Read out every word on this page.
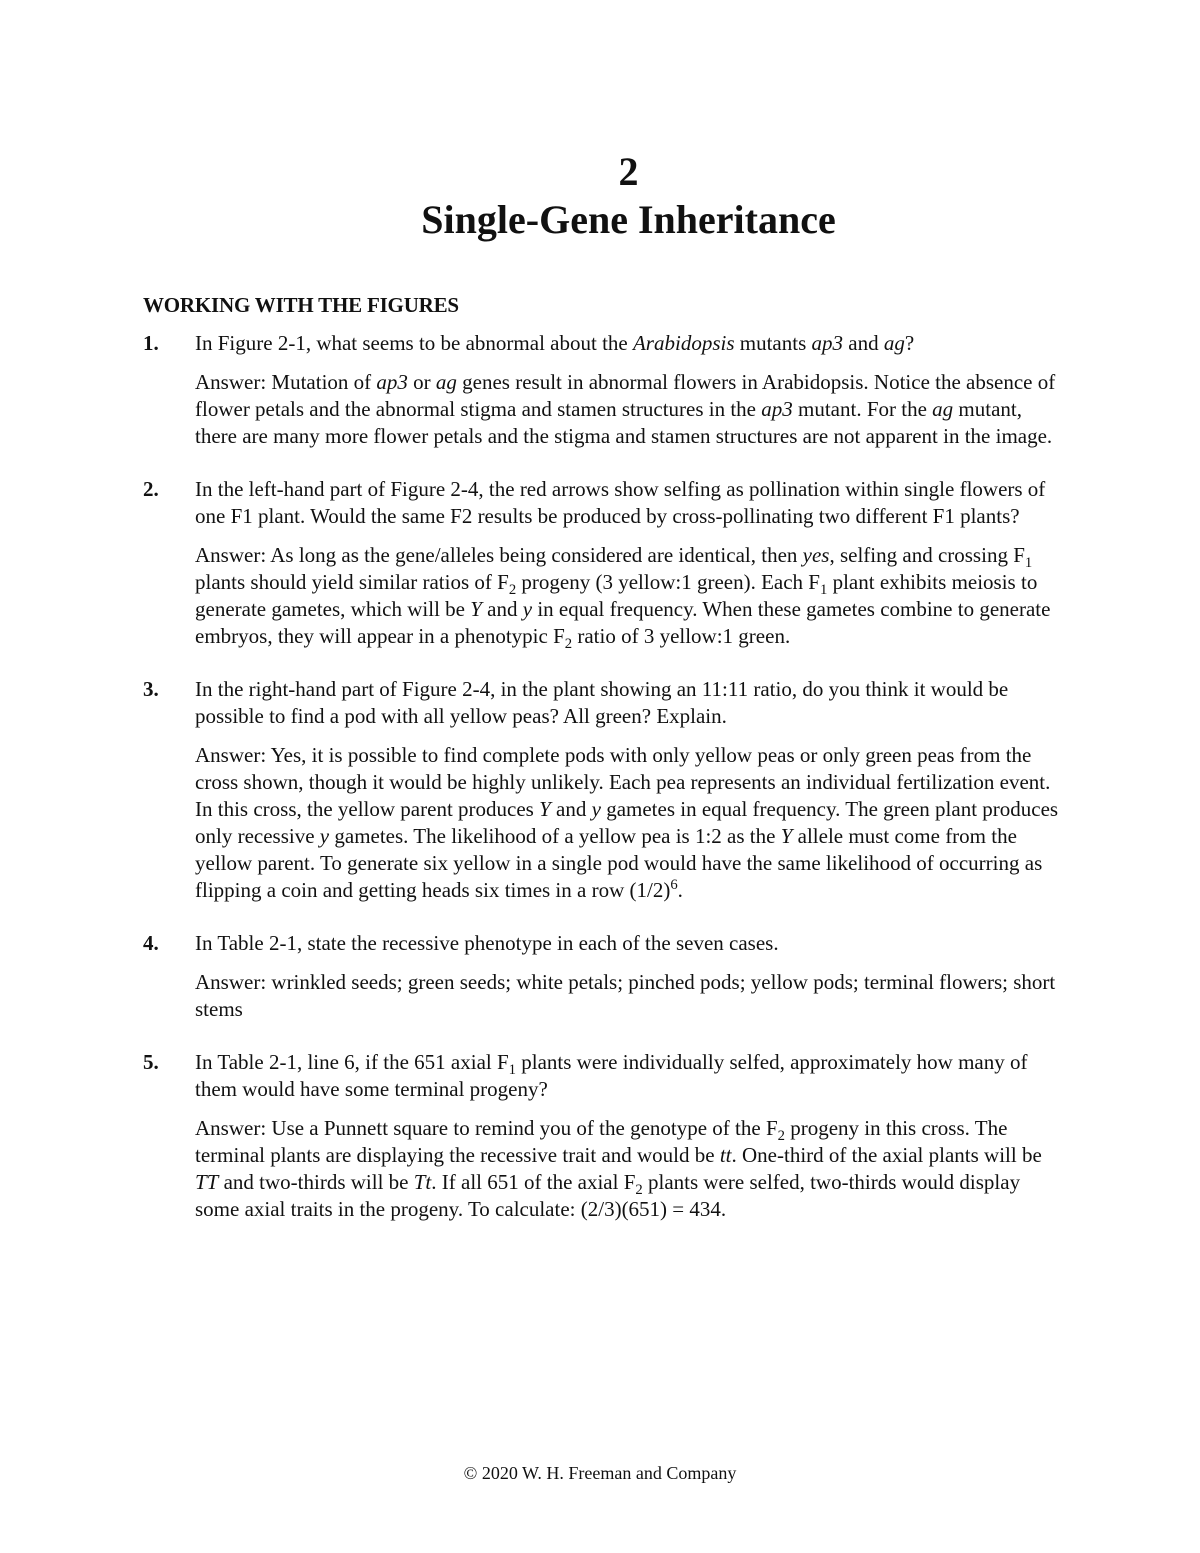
2
Single-Gene Inheritance
WORKING WITH THE FIGURES
1. In Figure 2-1, what seems to be abnormal about the Arabidopsis mutants ap3 and ag?

Answer: Mutation of ap3 or ag genes result in abnormal flowers in Arabidopsis. Notice the absence of flower petals and the abnormal stigma and stamen structures in the ap3 mutant. For the ag mutant, there are many more flower petals and the stigma and stamen structures are not apparent in the image.

2. In the left-hand part of Figure 2-4, the red arrows show selfing as pollination within single flowers of one F1 plant. Would the same F2 results be produced by cross-pollinating two different F1 plants?

Answer: As long as the gene/alleles being considered are identical, then yes, selfing and crossing $F_1$ plants should yield similar ratios of $F_2$ progeny (3 yellow:1 green). Each $F_1$ plant exhibits meiosis to generate gametes, which will be Y and y in equal frequency. When these gametes combine to generate embryos, they will appear in a phenotypic $F_2$ ratio of 3 yellow:1 green.

3. In the right-hand part of Figure 2-4, in the plant showing an 11:11 ratio, do you think it would be possible to find a pod with all yellow peas? All green? Explain.

Answer: Yes, it is possible to find complete pods with only yellow peas or only green peas from the cross shown, though it would be highly unlikely. Each pea represents an individual fertilization event. In this cross, the yellow parent produces Y and y gametes in equal frequency. The green plant produces only recessive y gametes. The likelihood of a yellow pea is 1:2 as the Y allele must come from the yellow parent. To generate six yellow in a single pod would have the same likelihood of occurring as flipping a coin and getting heads six times in a row $(1/2)^6$.

4. In Table 2-1, state the recessive phenotype in each of the seven cases.

Answer: wrinkled seeds; green seeds; white petals; pinched pods; yellow pods; terminal flowers; short stems

5. In Table 2-1, line 6, if the 651 axial $F_1$ plants were individually selfed, approximately how many of them would have some terminal progeny?

Answer: Use a Punnett square to remind you of the genotype of the $F_2$ progeny in this cross. The terminal plants are displaying the recessive trait and would be tt. One-third of the axial plants will be TT and two-thirds will be Tt. If all 651 of the axial $F_2$ plants were selfed, two-thirds would display some axial traits in the progeny. To calculate: (2/3)(651) = 434.

© 2020 W. H. Freeman and Company
